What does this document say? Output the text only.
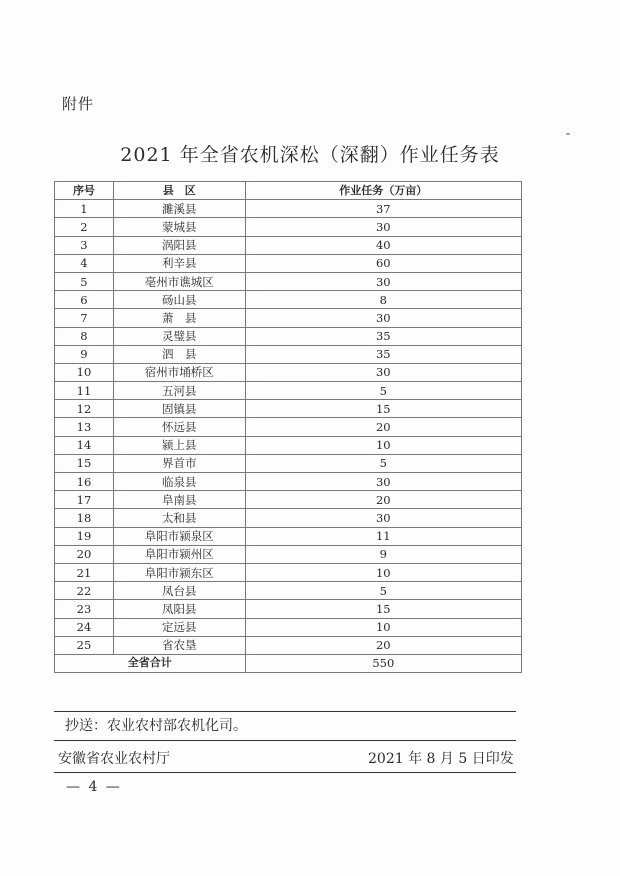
附件
2021 年全省农机深松（深翻）作业任务表
序号	县　区	作业任务（万亩）
1	濉溪县	37
2	蒙城县	30
3	涡阳县	40
4	利辛县	60
5	亳州市谯城区	30
6	砀山县	8
7	萧　县	30
8	灵璧县	35
9	泗　县	35
10	宿州市埇桥区	30
11	五河县	5
12	固镇县	15
13	怀远县	20
14	颍上县	10
15	界首市	5
16	临泉县	30
17	阜南县	20
18	太和县	30
19	阜阳市颍泉区	11
20	阜阳市颍州区	9
21	阜阳市颍东区	10
22	凤台县	5
23	凤阳县	15
24	定远县	10
25	省农垦	20
全省合计		550
抄送：农业农村部农机化司。
安徽省农业农村厅	2021 年 8 月 5 日印发
— 4 —
